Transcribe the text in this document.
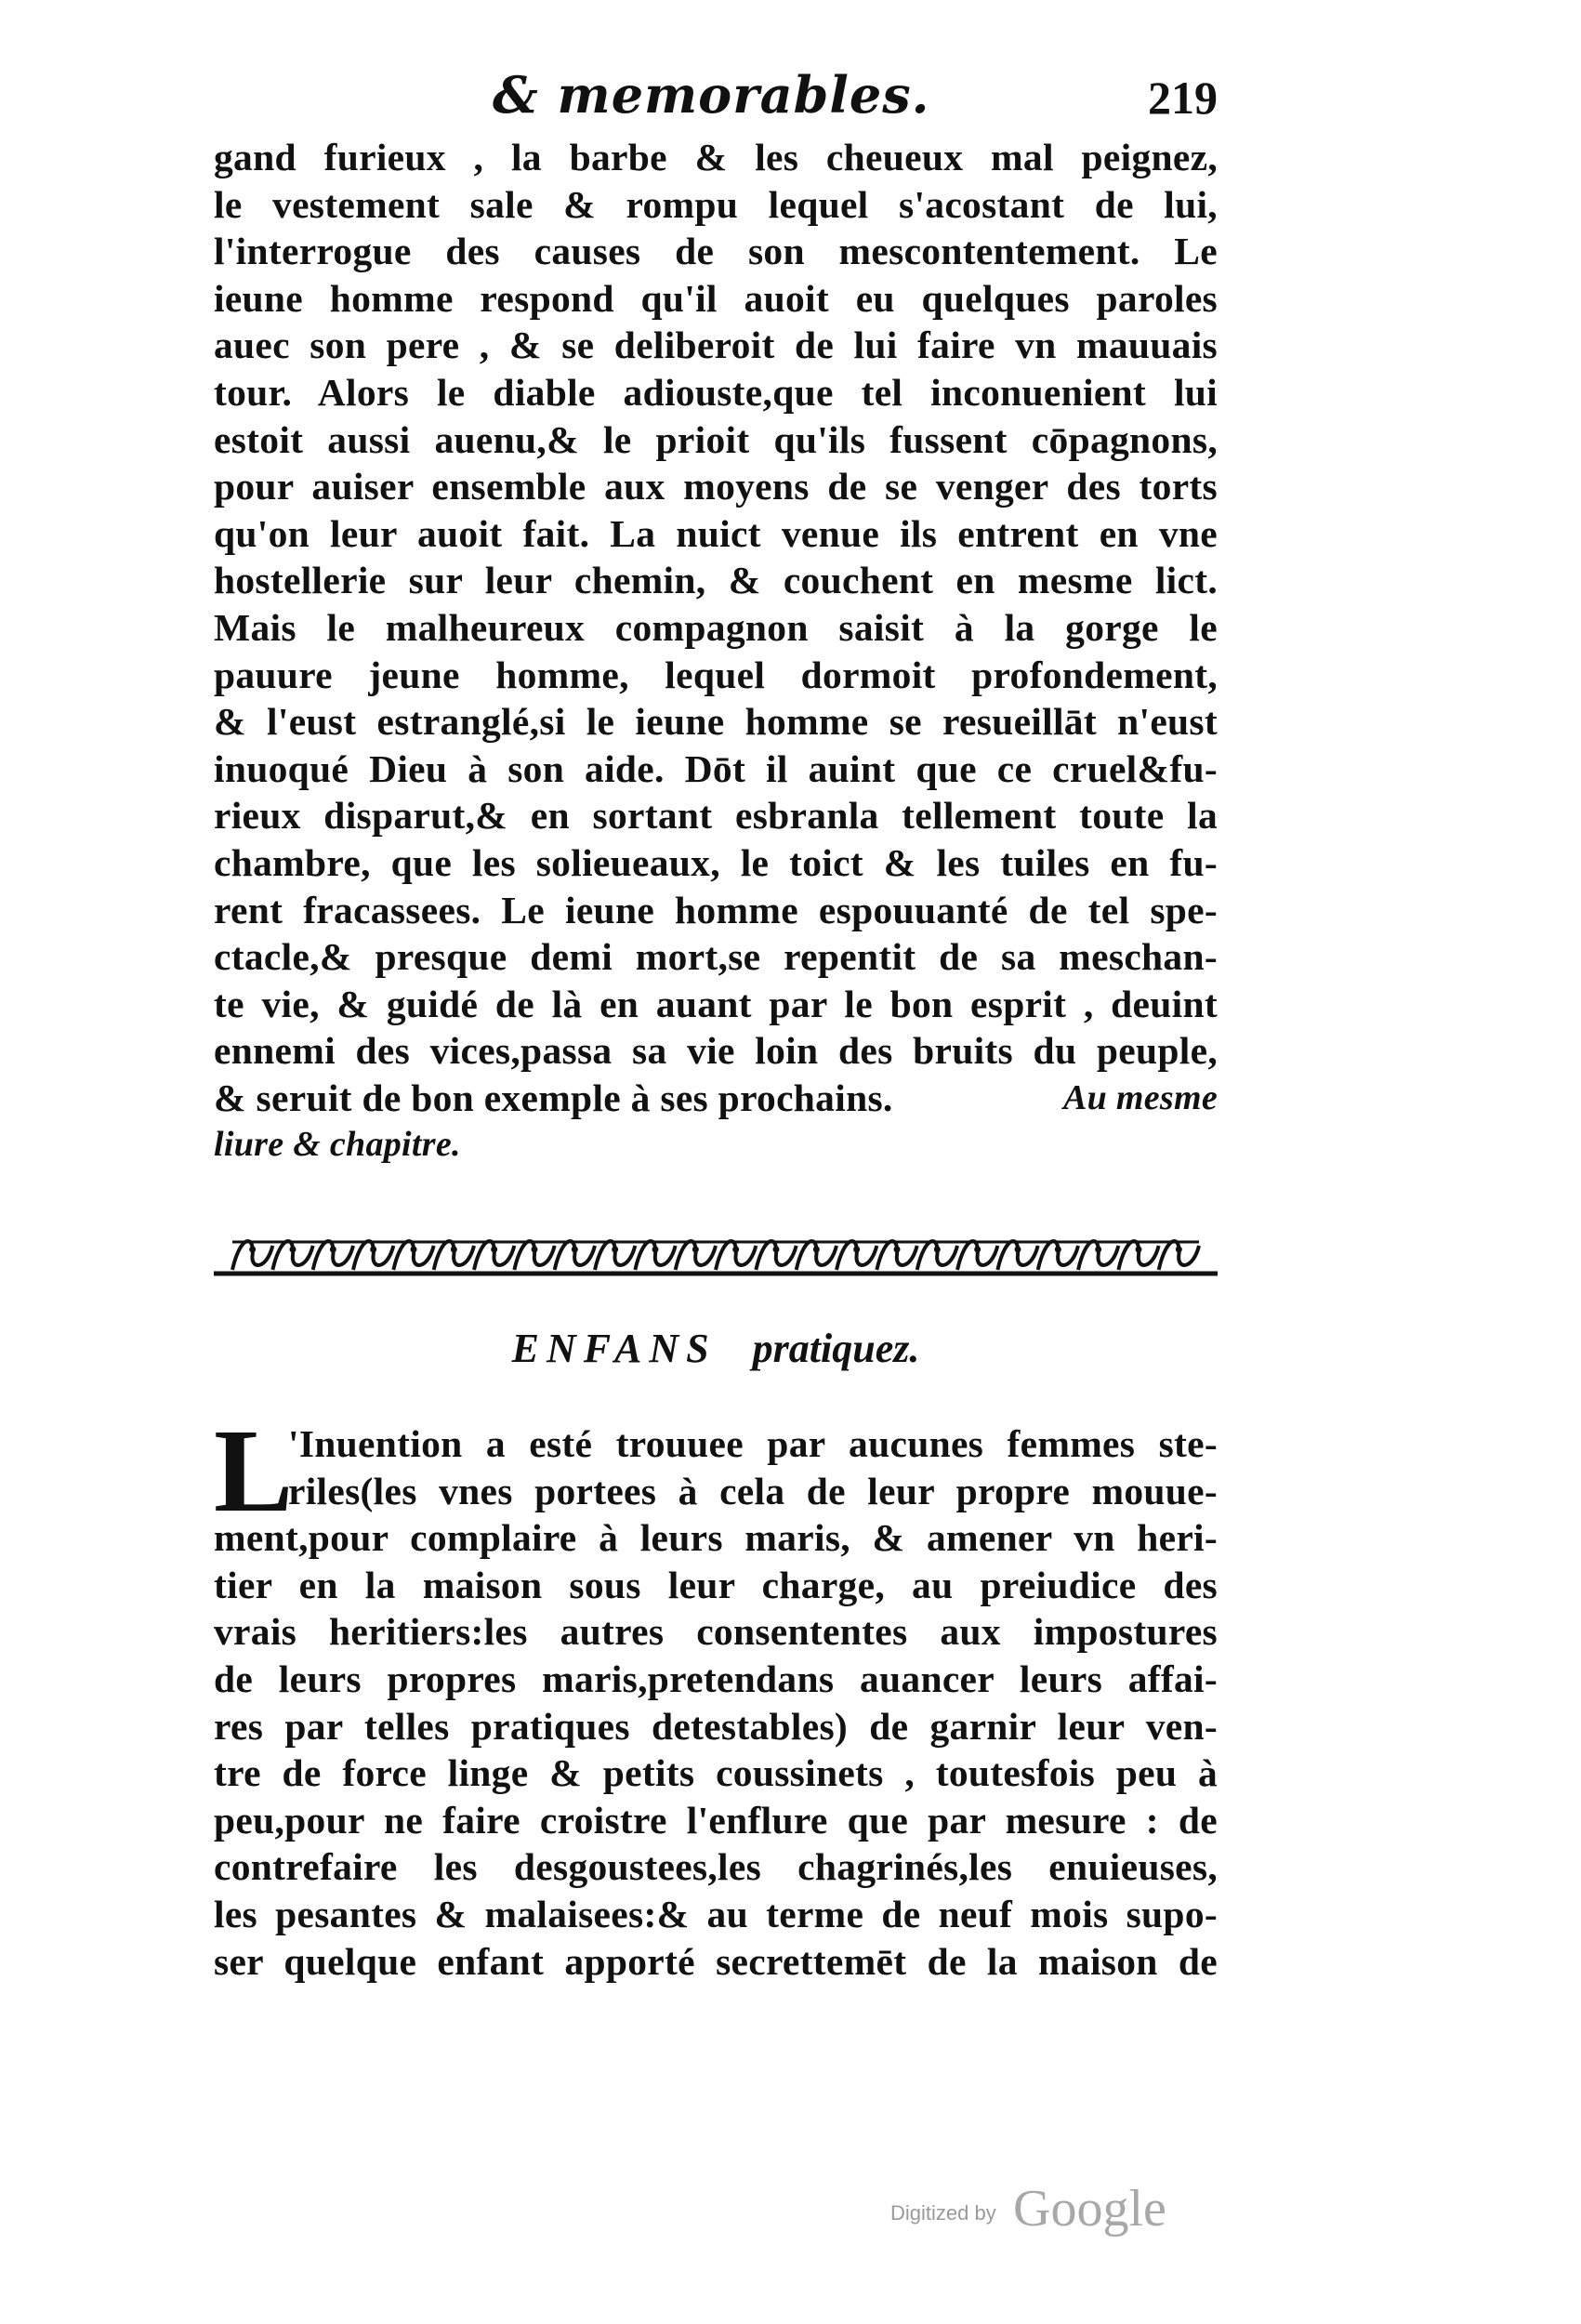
& memorables.	219
gand furieux , la barbe & les cheueux mal peignez,
le vestement sale & rompu lequel s'acostant de lui,
l'interrogue des causes de son mescontentement. Le
ieune homme respond qu'il auoit eu quelques paroles
auec son pere , & se deliberoit de lui faire vn mauuais
tour. Alors le diable adiouste,que tel inconuenient lui
estoit aussi auenu,& le prioit qu'ils fussent cōpagnons,
pour auiser ensemble aux moyens de se venger des torts
qu'on leur auoit fait. La nuict venue ils entrent en vne
hostellerie sur leur chemin, & couchent en mesme lict.
Mais le malheureux compagnon saisit à la gorge le
pauure jeune homme, lequel dormoit profondement,
& l'eust estranglé,si le ieune homme se resueillāt n'eust
inuoqué Dieu à son aide. Dōt il auint que ce cruel&fu-
rieux disparut,& en sortant esbranla tellement toute la
chambre, que les solieueaux, le toict & les tuiles en fu-
rent fracassees. Le ieune homme espouuanté de tel spe-
ctacle,& presque demi mort,se repentit de sa meschan-
te vie, & guidé de là en auant par le bon esprit , deuint
ennemi des vices,passa sa vie loin des bruits du peuple,
& seruit de bon exemple à ses prochains.	Au mesme
liure & chapitre.
ENFANS pratiquez.
L
'Inuention a esté trouuee par aucunes femmes ste-
riles(les vnes portees à cela de leur propre mouue-
ment,pour complaire à leurs maris, & amener vn heri-
tier en la maison sous leur charge, au preiudice des
vrais heritiers:les autres consententes aux impostures
de leurs propres maris,pretendans auancer leurs affai-
res par telles pratiques detestables) de garnir leur ven-
tre de force linge & petits coussinets , toutesfois peu à
peu,pour ne faire croistre l'enflure que par mesure : de
contrefaire les desgoustees,les chagrinés,les enuieuses,
les pesantes & malaisees:& au terme de neuf mois supo-
ser quelque enfant apporté secrettemēt de la maison de
Digitized by Google
